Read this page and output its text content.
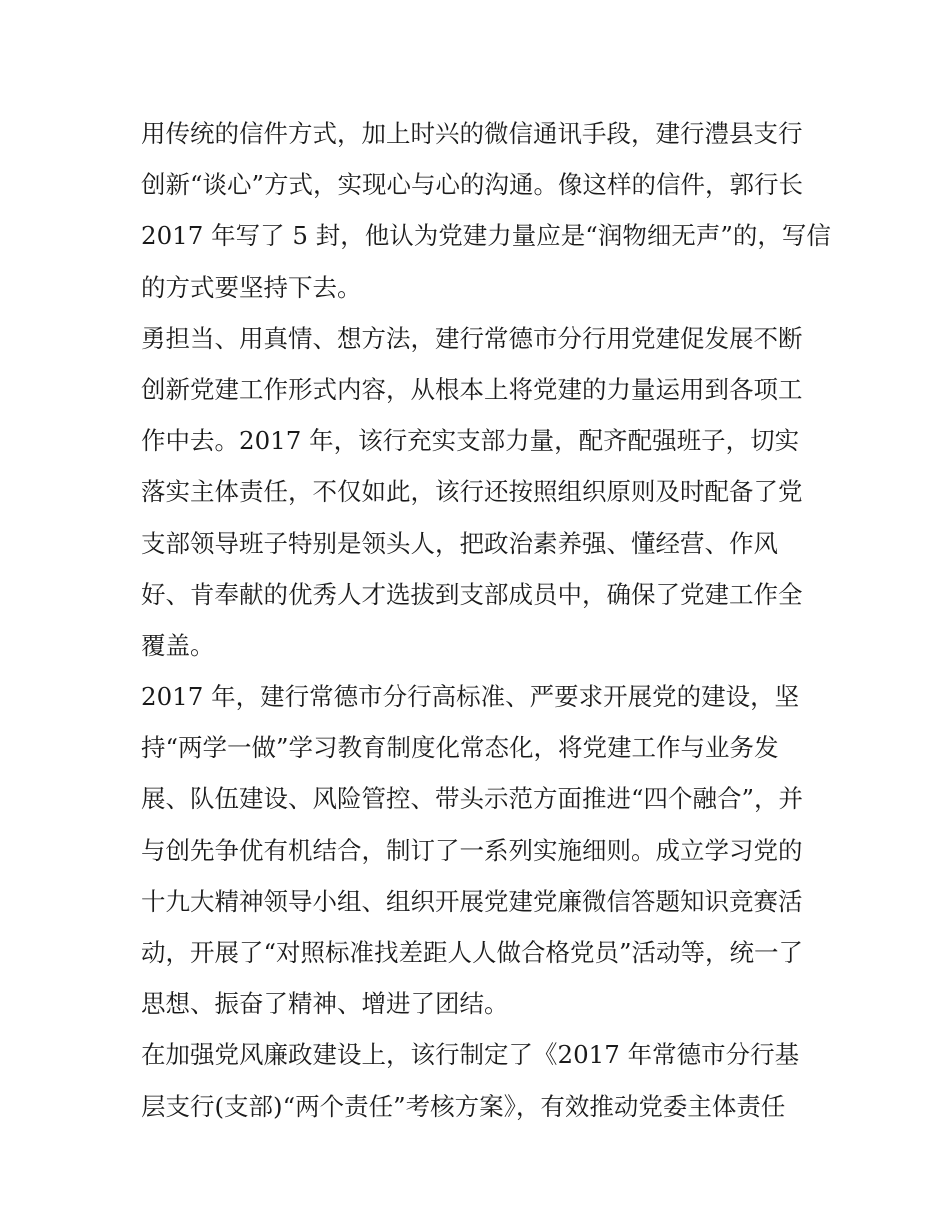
用传统的信件方式，加上时兴的微信通讯手段，建行澧县支行
创新“谈心”方式，实现心与心的沟通。像这样的信件，郭行长
2017 年写了 5 封，他认为党建力量应是“润物细无声”的，写信
的方式要坚持下去。
勇担当、用真情、想方法，建行常德市分行用党建促发展不断
创新党建工作形式内容，从根本上将党建的力量运用到各项工
作中去。2017 年，该行充实支部力量，配齐配强班子，切实
落实主体责任，不仅如此，该行还按照组织原则及时配备了党
支部领导班子特别是领头人，把政治素养强、懂经营、作风
好、肯奉献的优秀人才选拔到支部成员中，确保了党建工作全
覆盖。
2017 年，建行常德市分行高标准、严要求开展党的建设，坚
持“两学一做”学习教育制度化常态化，将党建工作与业务发
展、队伍建设、风险管控、带头示范方面推进“四个融合”，并
与创先争优有机结合，制订了一系列实施细则。成立学习党的
十九大精神领导小组、组织开展党建党廉微信答题知识竞赛活
动，开展了“对照标准找差距人人做合格党员”活动等，统一了
思想、振奋了精神、增进了团结。
在加强党风廉政建设上，该行制定了《2017 年常德市分行基
层支行(支部)“两个责任”考核方案》，有效推动党委主体责任
